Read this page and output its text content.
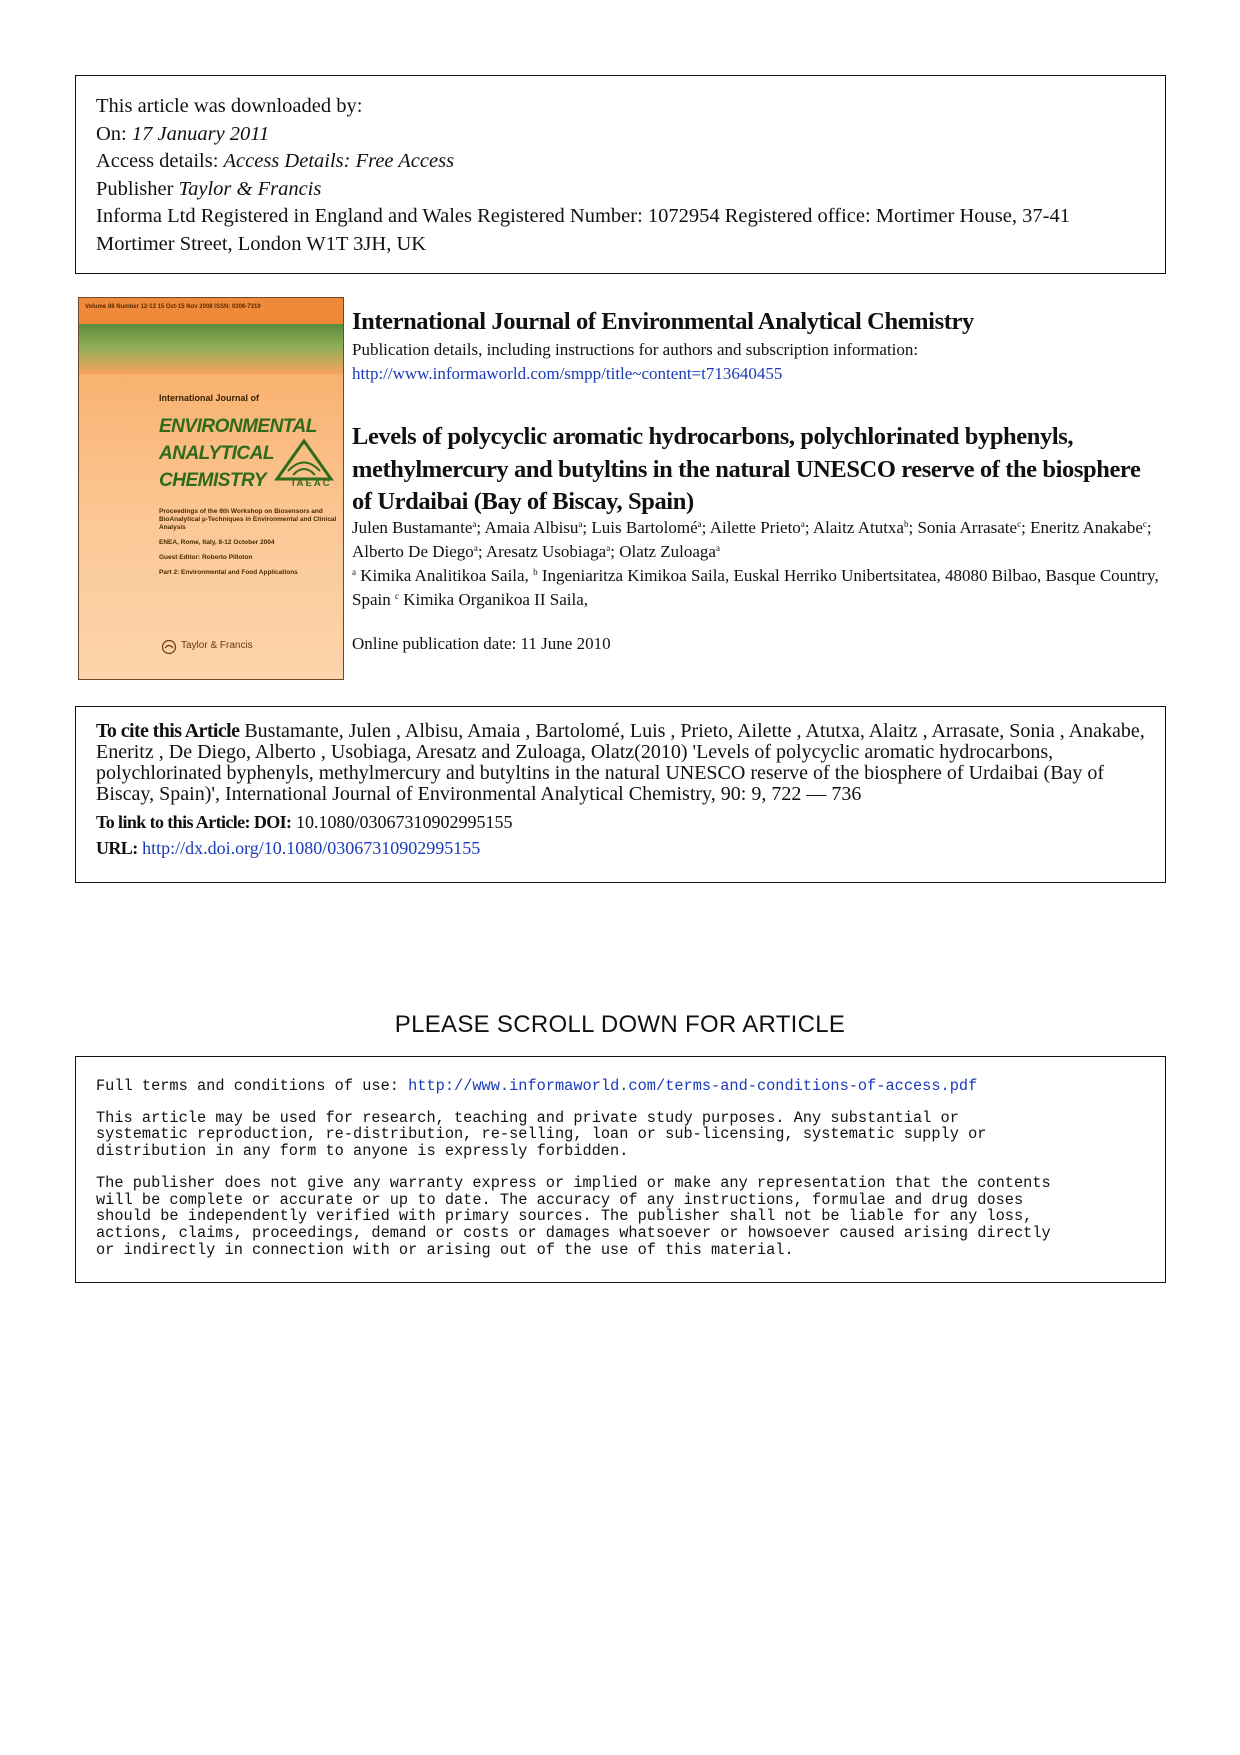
This article was downloaded by:
On: 17 January 2011
Access details: Access Details: Free Access
Publisher Taylor & Francis
Informa Ltd Registered in England and Wales Registered Number: 1072954 Registered office: Mortimer House, 37-41 Mortimer Street, London W1T 3JH, UK
Volume 88 Number 12-13 15 Oct-15 Nov 2008 ISSN: 0306-7319
International Journal of
ENVIRONMENTAL
ANALYTICAL
CHEMISTRY	IAEAC
Proceedings of the 6th Workshop on Biosensors and BioAnalytical µ-Techniques in Environmental and Clinical Analysis
ENEA, Rome, Italy, 8-12 October 2004
Guest Editor: Roberto Pilloton
Part 2: Environmental and Food Applications
Taylor & Francis
International Journal of Environmental Analytical Chemistry
Publication details, including instructions for authors and subscription information:
http://www.informaworld.com/smpp/title~content=t713640455
Levels of polycyclic aromatic hydrocarbons, polychlorinated byphenyls, methylmercury and butyltins in the natural UNESCO reserve of the biosphere of Urdaibai (Bay of Biscay, Spain)
Julen Bustamante$^a$; Amaia Albisu$^a$; Luis Bartolomé$^a$; Ailette Prieto$^a$; Alaitz Atutxa$^b$; Sonia Arrasate$^c$; Eneritz Anakabe$^c$; Alberto De Diego$^a$; Aresatz Usobiaga$^a$; Olatz Zuloaga$^a$
$^a$ Kimika Analitikoa Saila, $^b$ Ingeniaritza Kimikoa Saila, Euskal Herriko Unibertsitatea, 48080 Bilbao, Basque Country, Spain $^c$ Kimika Organikoa II Saila,
Online publication date: 11 June 2010
To cite this Article Bustamante, Julen , Albisu, Amaia , Bartolomé, Luis , Prieto, Ailette , Atutxa, Alaitz , Arrasate, Sonia , Anakabe, Eneritz , De Diego, Alberto , Usobiaga, Aresatz and Zuloaga, Olatz(2010) 'Levels of polycyclic aromatic hydrocarbons, polychlorinated byphenyls, methylmercury and butyltins in the natural UNESCO reserve of the biosphere of Urdaibai (Bay of Biscay, Spain)', International Journal of Environmental Analytical Chemistry, 90: 9, 722 — 736
To link to this Article: DOI: 10.1080/03067310902995155
URL: http://dx.doi.org/10.1080/03067310902995155
PLEASE SCROLL DOWN FOR ARTICLE

Full terms and conditions of use: http://www.informaworld.com/terms-and-conditions-of-access.pdf

This article may be used for research, teaching and private study purposes. Any substantial or
systematic reproduction, re-distribution, re-selling, loan or sub-licensing, systematic supply or
distribution in any form to anyone is expressly forbidden.

The publisher does not give any warranty express or implied or make any representation that the contents
will be complete or accurate or up to date. The accuracy of any instructions, formulae and drug doses
should be independently verified with primary sources. The publisher shall not be liable for any loss,
actions, claims, proceedings, demand or costs or damages whatsoever or howsoever caused arising directly
or indirectly in connection with or arising out of the use of this material.
